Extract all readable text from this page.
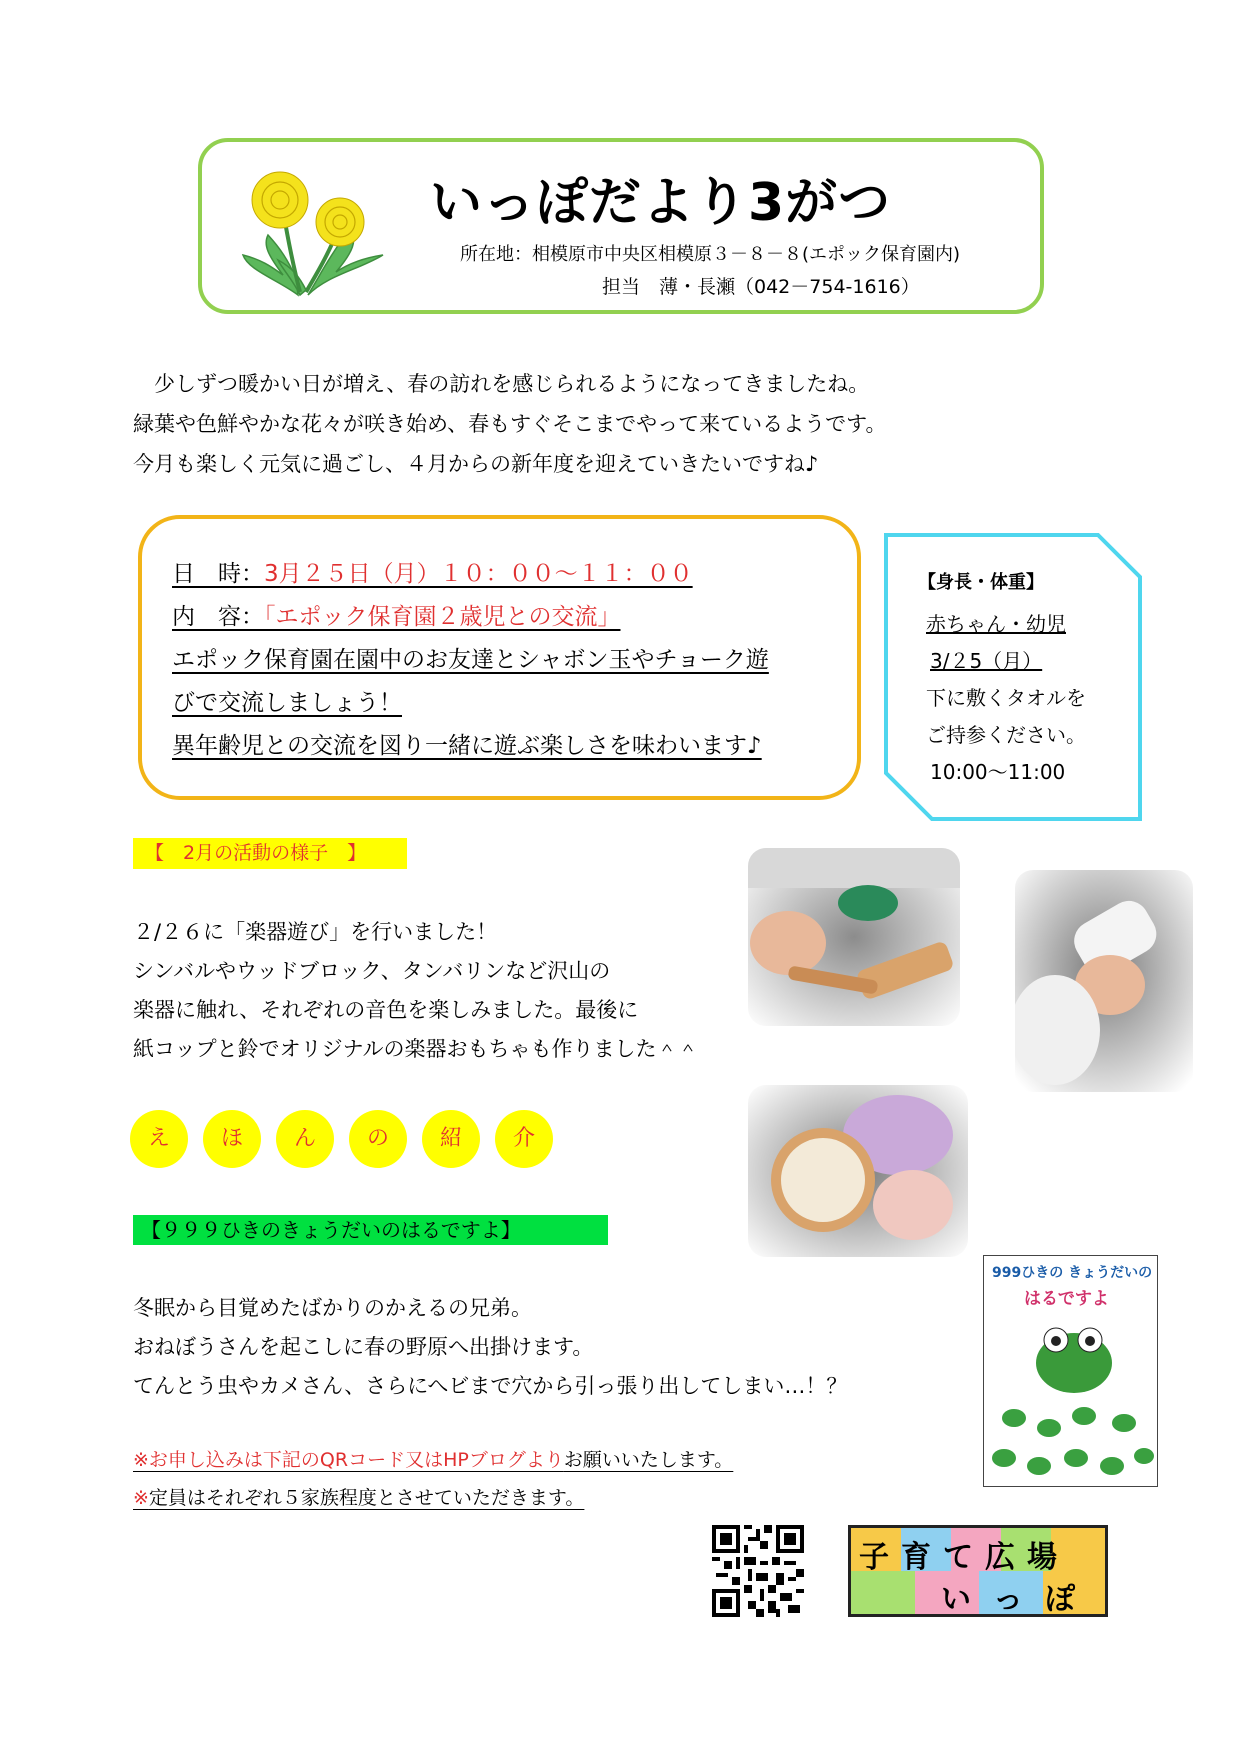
いっぽだより3がつ
所在地：相模原市中央区相模原３－８－８(エポック保育園内)
担当　薄・長瀬（042－754-1616）
　少しずつ暖かい日が増え、春の訪れを感じられるようになってきましたね。
緑葉や色鮮やかな花々が咲き始め、春もすぐそこまでやって来ているようです。
今月も楽しく元気に過ごし、４月からの新年度を迎えていきたいですね♪
日　時：3月２５日（月）１０：００～１１：００
内　容：「エポック保育園２歳児との交流」
エポック保育園在園中のお友達とシャボン玉やチョーク遊
びで交流しましょう！
異年齢児との交流を図り一緒に遊ぶ楽しさを味わいます♪
【身長・体重】
赤ちゃん・幼児
3/２5（月）
下に敷くタオルを
ご持参ください。
10:00～11:00
【　2月の活動の様子　】
２/２６に「楽器遊び」を行いました！
シンバルやウッドブロック、タンバリンなど沢山の
楽器に触れ、それぞれの音色を楽しみました。最後に
紙コップと鈴でオリジナルの楽器おもちゃも作りました＾＾
え	ほ	ん	の	紹	介
【９９９ひきのきょうだいのはるですよ】
冬眠から目覚めたばかりのかえるの兄弟。
おねぼうさんを起こしに春の野原へ出掛けます。
てんとう虫やカメさん、さらにへビまで穴から引っ張り出してしまい…！？
999ひきの きょうだいの
はるですよ
※お申し込みは下記のQRコード又はHPブログよりお願いいたします。
※定員はそれぞれ５家族程度とさせていただきます。
子 育 て 広 場
い っ ぽ
